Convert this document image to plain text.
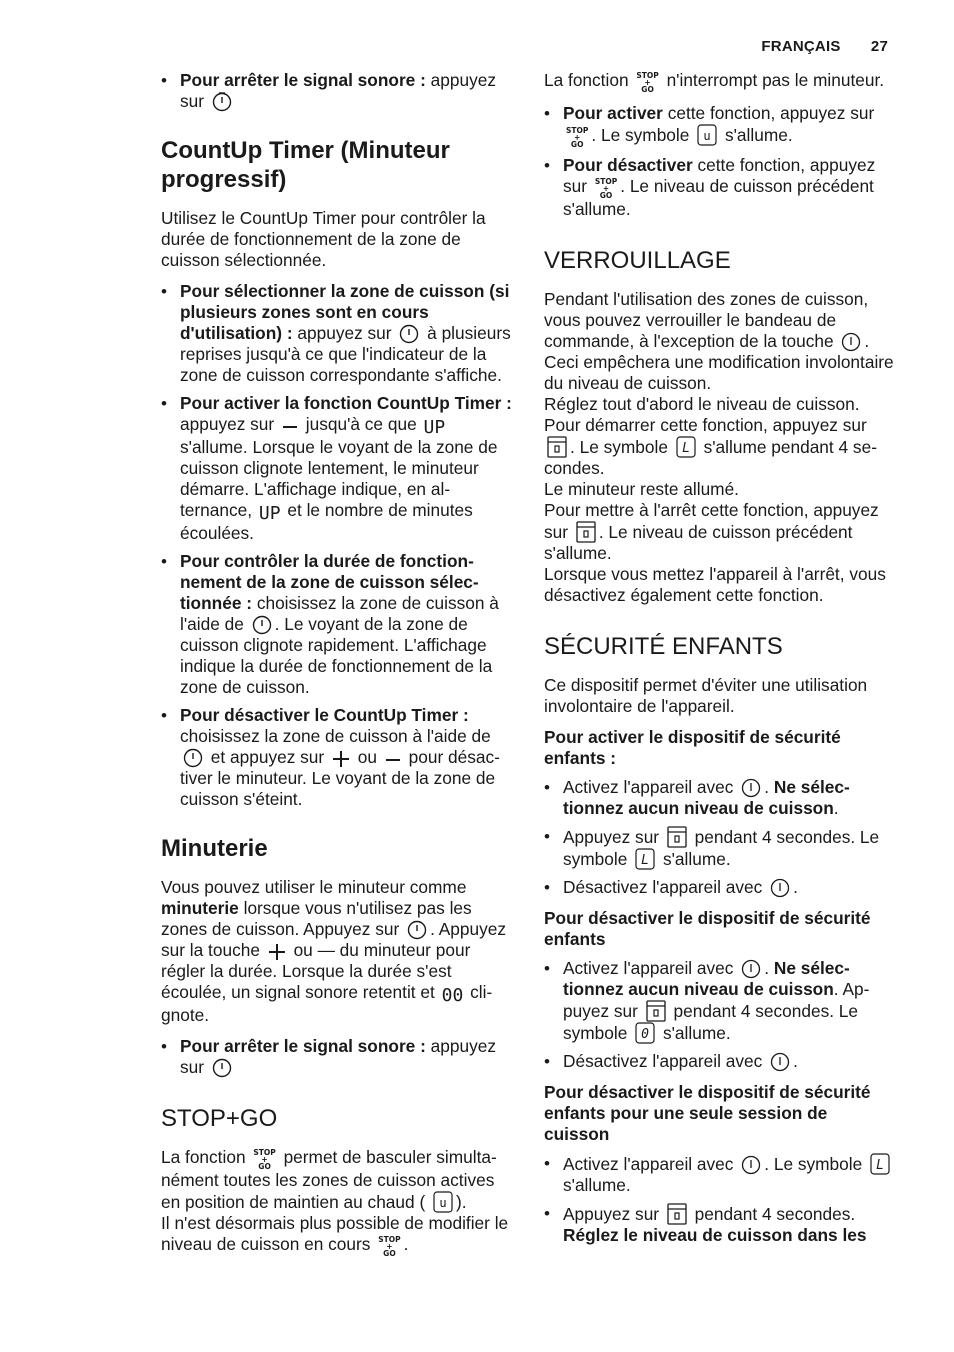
FRANÇAIS 27
• Pour arrêter le signal sonore : appuyez sur
CountUp Timer (Minuteur progressif)

Utilisez le CountUp Timer pour contrôler la durée de fonctionnement de la zone de cuisson sélectionnée.

• Pour sélectionner la zone de cuisson (si plusieurs zones sont en cours d'utilisation) : appuyez sur  à plusieurs reprises jusqu'à ce que l'indicateur de la zone de cuisson correspondante s'affiche.
• Pour activer la fonction CountUp Timer : appuyez sur  jusqu'à ce que UP s'allume. Lorsque le voyant de la zone de cuisson clignote lentement, le minuteur démarre. L'affichage indique, en alternance, UP et le nombre de minutes écoulées.
• Pour contrôler la durée de fonctionnement de la zone de cuisson sélectionnée : choisissez la zone de cuisson à l'aide de . Le voyant de la zone de cuisson clignote rapidement. L'affichage indique la durée de fonctionnement de la zone de cuisson.
• Pour désactiver le CountUp Timer : choisissez la zone de cuisson à l'aide de  et appuyez sur  ou  pour désactiver le minuteur. Le voyant de la zone de cuisson s'éteint.
Minuterie

Vous pouvez utiliser le minuteur comme minuterie lorsque vous n'utilisez pas les zones de cuisson. Appuyez sur . Appuyez sur la touche  ou — du minuteur pour régler la durée. Lorsque la durée s'est écoulée, un signal sonore retentit et 00 clignote.

• Pour arrêter le signal sonore : appuyez sur
STOP+GO

La fonction STOP
+
GO permet de basculer simultanément toutes les zones de cuisson actives en position de maintien au chaud ( u ).
Il n'est désormais plus possible de modifier le niveau de cuisson en cours STOP
+
GO .

La fonction STOP
+
GO n'interrompt pas le minuteur.

• Pour activer cette fonction, appuyez sur STOP
+
GO . Le symbole u s'allume.
• Pour désactiver cette fonction, appuyez sur STOP
+
GO . Le niveau de cuisson précédent s'allume.
VERROUILLAGE

Pendant l'utilisation des zones de cuisson, vous pouvez verrouiller le bandeau de commande, à l'exception de la touche . Ceci empêchera une modification involontaire du niveau de cuisson.
Réglez tout d'abord le niveau de cuisson.
Pour démarrer cette fonction, appuyez sur
. Le symbole L s'allume pendant 4 secondes.
Le minuteur reste allumé.
Pour mettre à l'arrêt cette fonction, appuyez sur . Le niveau de cuisson précédent s'allume.
Lorsque vous mettez l'appareil à l'arrêt, vous désactivez également cette fonction.

SÉCURITÉ ENFANTS

Ce dispositif permet d'éviter une utilisation involontaire de l'appareil.

Pour activer le dispositif de sécurité enfants :

• Activez l'appareil avec . Ne sélectionnez aucun niveau de cuisson.
• Appuyez sur  pendant 4 secondes. Le symbole L s'allume.
• Désactivez l'appareil avec .

Pour désactiver le dispositif de sécurité enfants

• Activez l'appareil avec . Ne sélectionnez aucun niveau de cuisson. Appuyez sur  pendant 4 secondes. Le symbole 0 s'allume.
• Désactivez l'appareil avec .

Pour désactiver le dispositif de sécurité enfants pour une seule session de cuisson

• Activez l'appareil avec . Le symbole L
s'allume.
• Appuyez sur  pendant 4 secondes. Réglez le niveau de cuisson dans les
